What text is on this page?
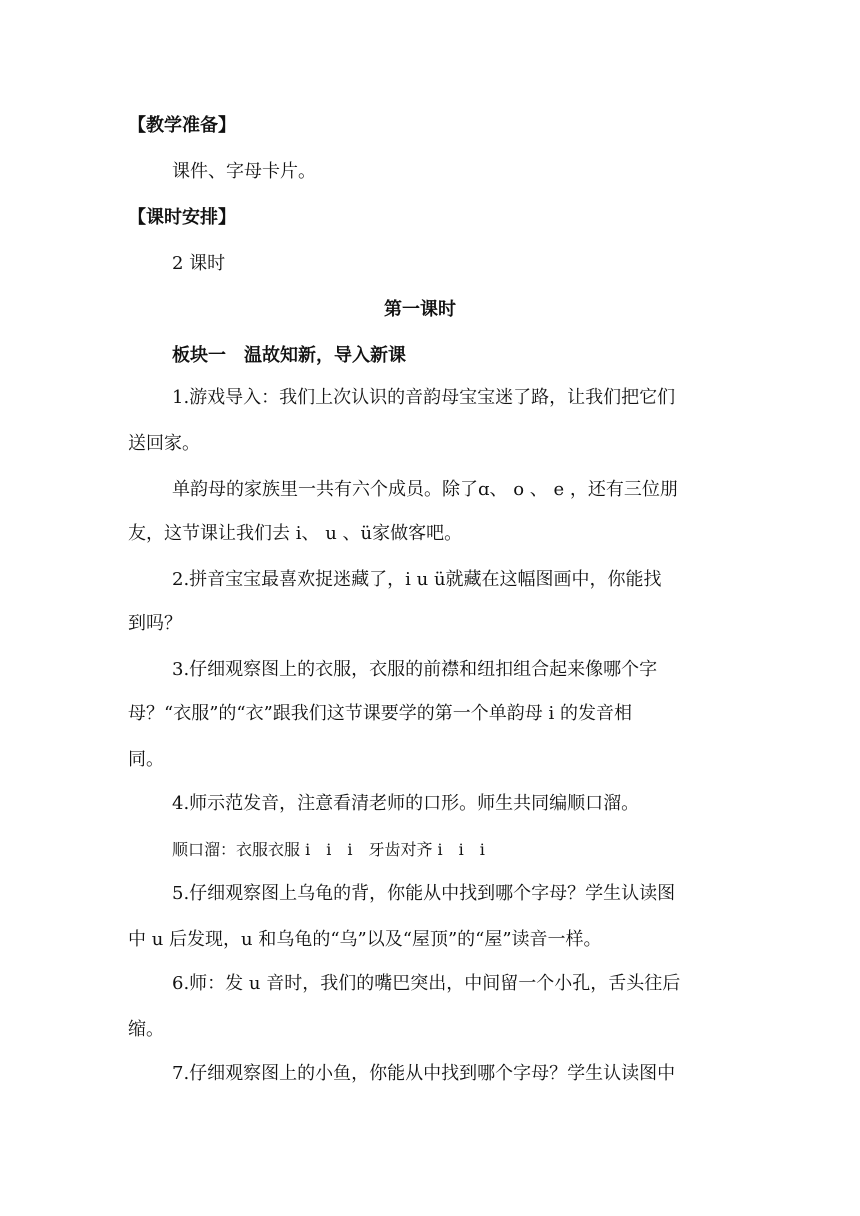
【教学准备】
课件、字母卡片。
【课时安排】
2 课时
第一课时
板块一　温故知新，导入新课
1.游戏导入：我们上次认识的音韵母宝宝迷了路，让我们把它们
送回家。
单韵母的家族里一共有六个成员。除了ɑ、 o 、 e ，还有三位朋
友，这节课让我们去 i、 u 、ü家做客吧。
2.拼音宝宝最喜欢捉迷藏了，i u ü就藏在这幅图画中，你能找
到吗？
3.仔细观察图上的衣服，衣服的前襟和纽扣组合起来像哪个字
母？“衣服”的“衣”跟我们这节课要学的第一个单韵母 i 的发音相
同。
4.师示范发音，注意看清老师的口形。师生共同编顺口溜。
顺口溜：衣服衣服 i　i　i　牙齿对齐 i　i　i
5.仔细观察图上乌龟的背，你能从中找到哪个字母？学生认读图
中 u 后发现，u 和乌龟的“乌”以及“屋顶”的“屋”读音一样。
6.师：发 u 音时，我们的嘴巴突出，中间留一个小孔，舌头往后
缩。
7.仔细观察图上的小鱼，你能从中找到哪个字母？学生认读图中
